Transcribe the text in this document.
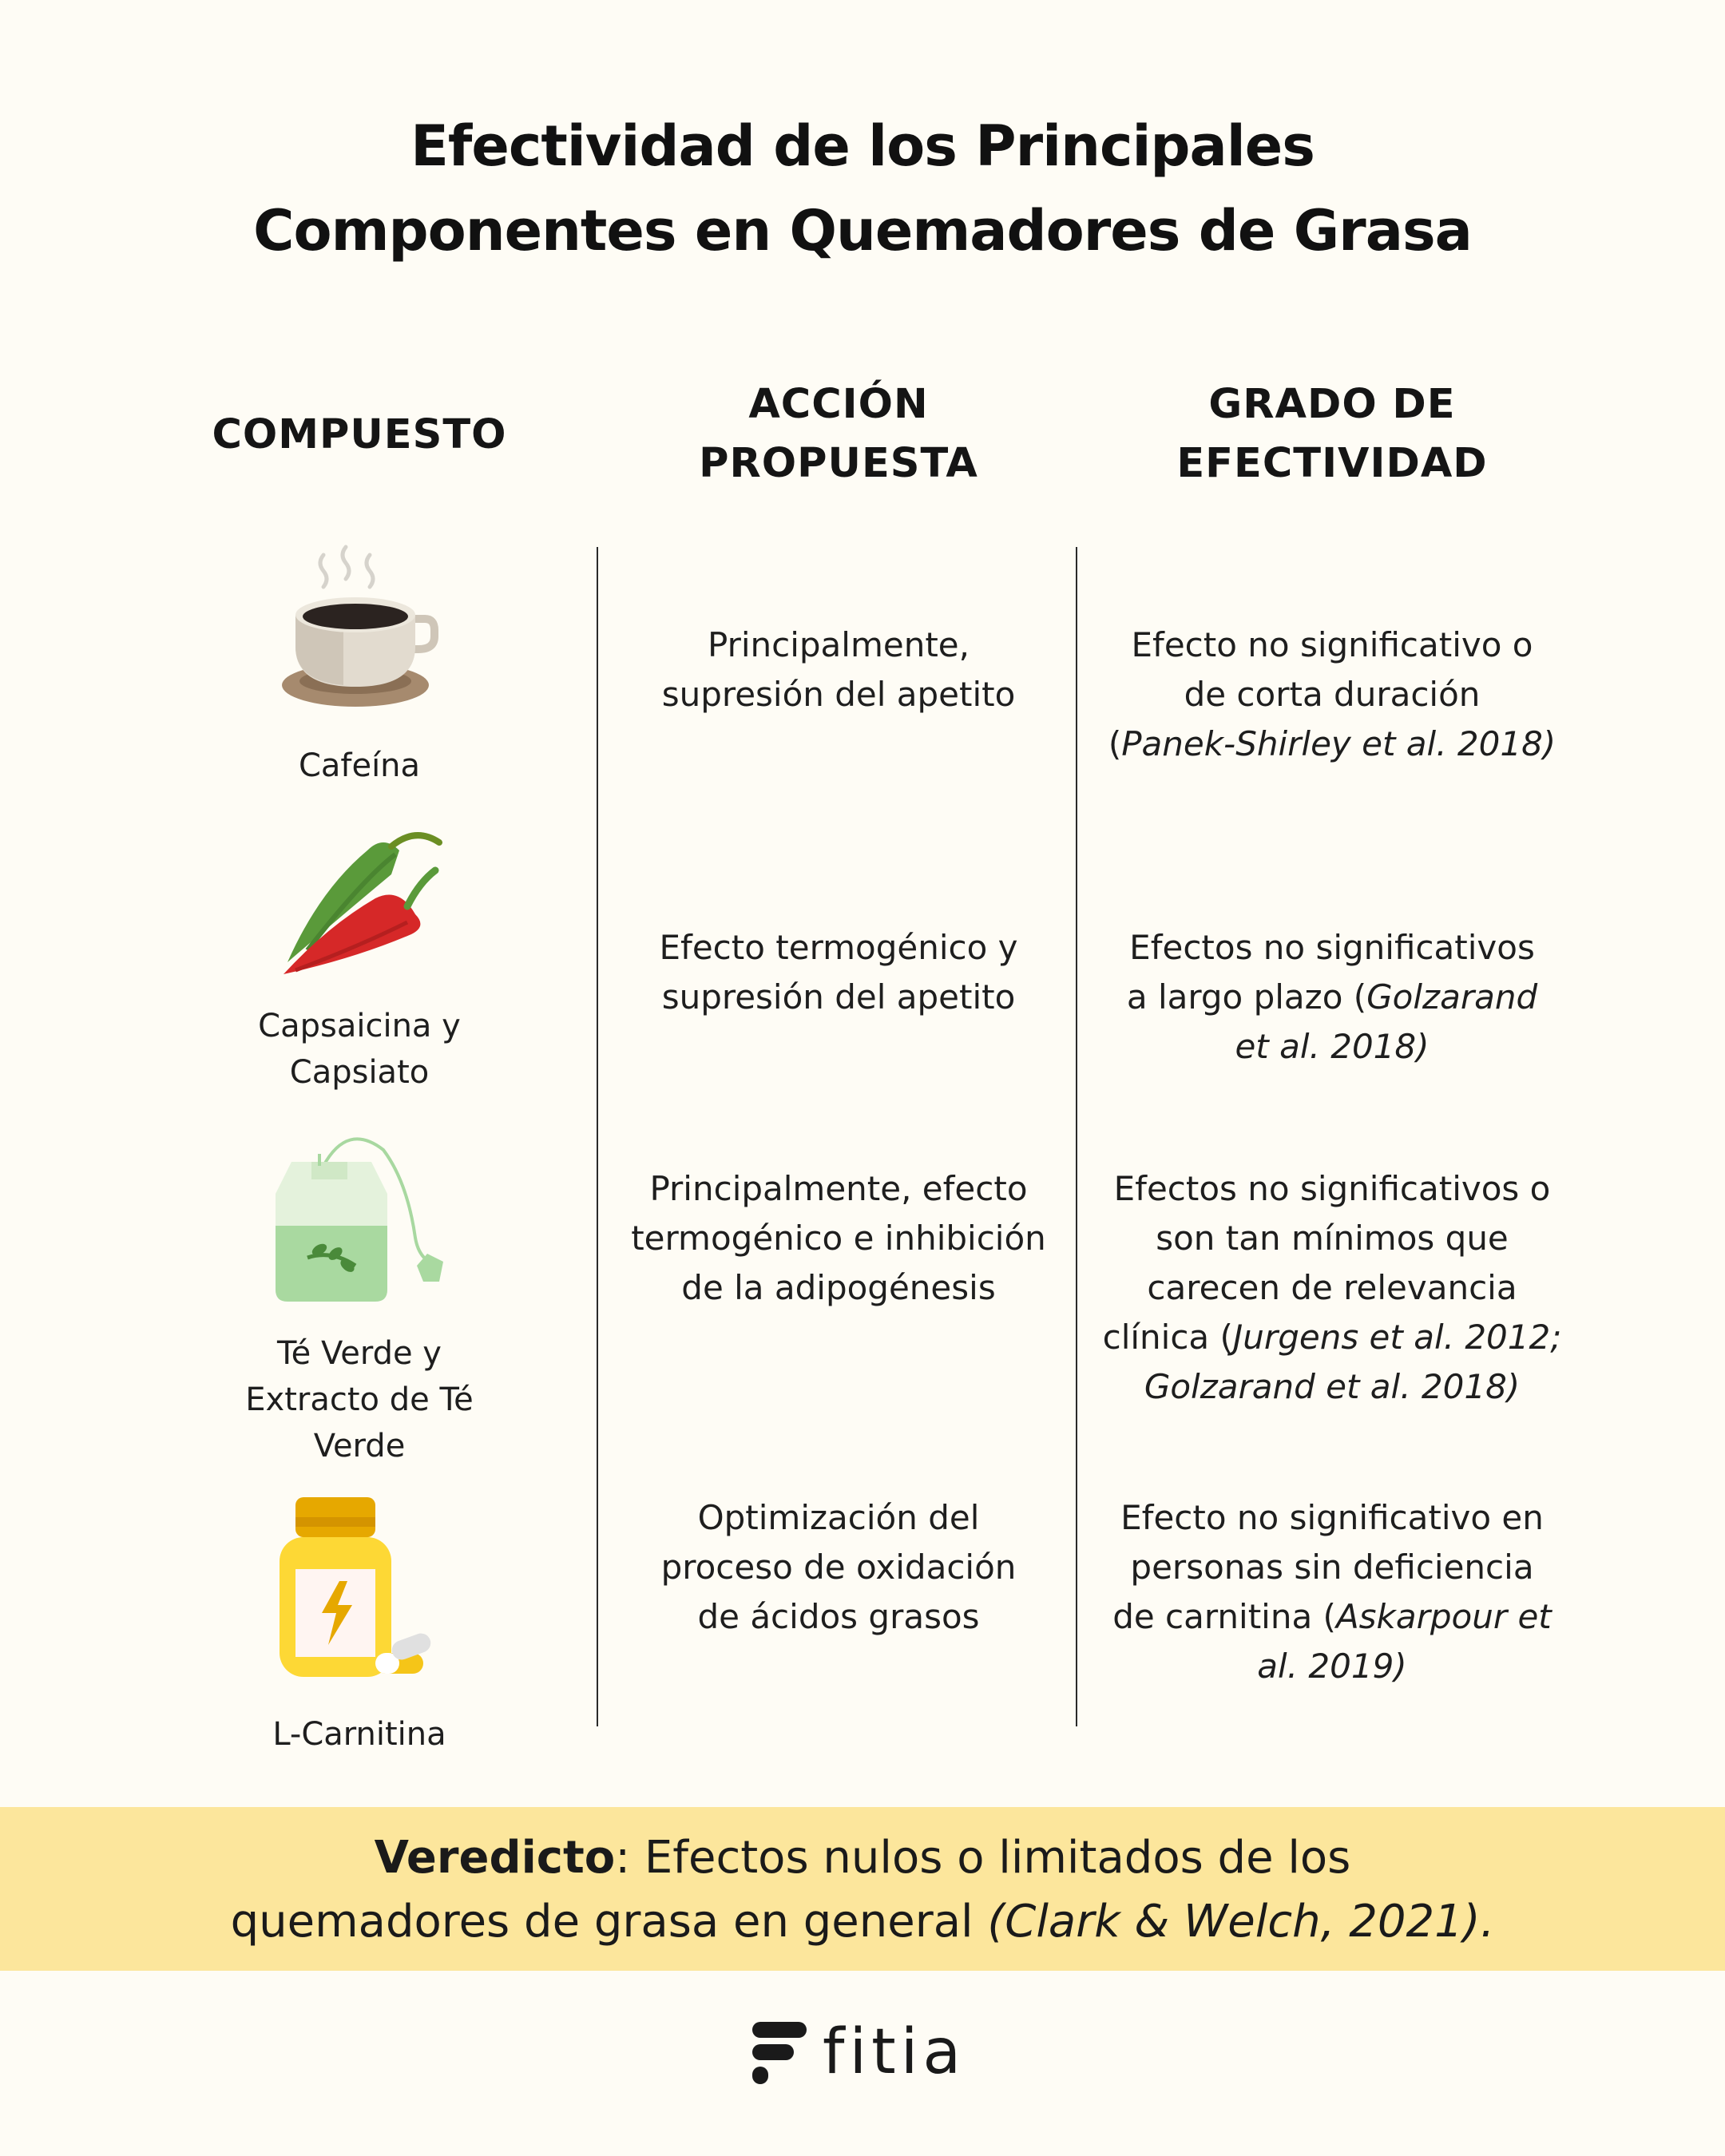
Efectividad de los Principales
Componentes en Quemadores de Grasa
COMPUESTO
ACCIÓN
PROPUESTA
GRADO DE
EFECTIVIDAD
Cafeína
Principalmente,
supresión del apetito
Efecto no significativo o
de corta duración
(Panek-Shirley et al. 2018)
Capsaicina y
Capsiato
Efecto termogénico y
supresión del apetito
Efectos no significativos
a largo plazo (Golzarand
et al. 2018)
Té Verde y
Extracto de Té
Verde
Principalmente, efecto
termogénico e inhibición
de la adipogénesis
Efectos no significativos o
son tan mínimos que
carecen de relevancia
clínica (Jurgens et al. 2012;
Golzarand et al. 2018)
L-Carnitina
Optimización del
proceso de oxidación
de ácidos grasos
Efecto no significativo en
personas sin deficiencia
de carnitina (Askarpour et
al. 2019)
Veredicto: Efectos nulos o limitados de los
quemadores de grasa en general (Clark & Welch, 2021).
fitia
